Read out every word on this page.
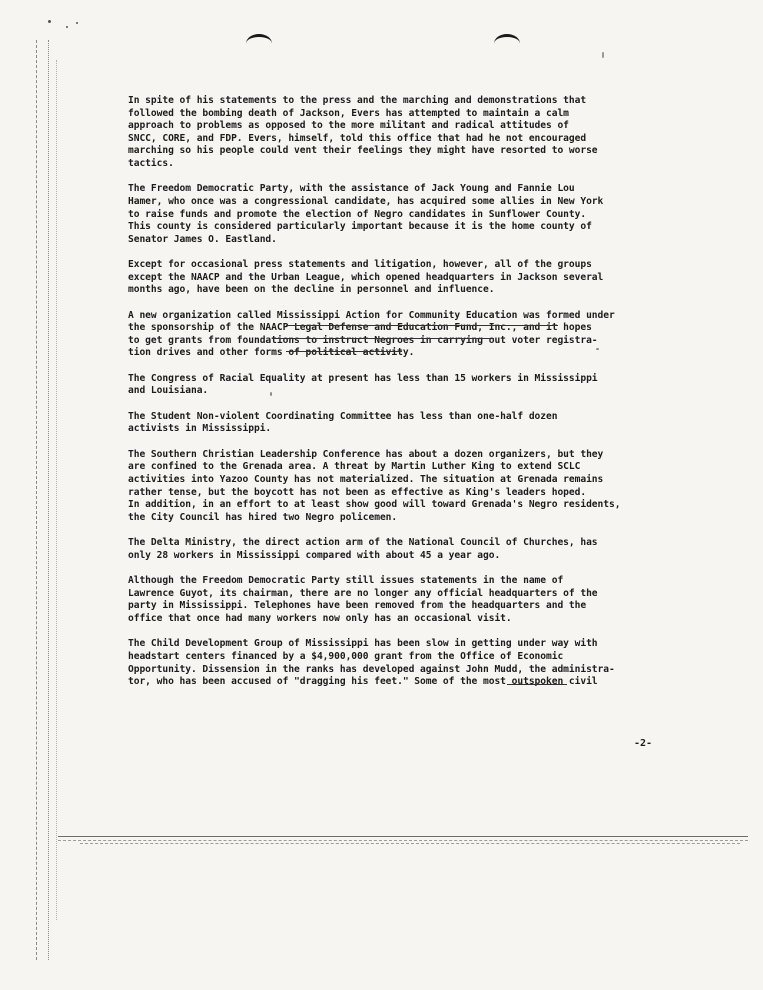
In spite of his statements to the press and the marching and demonstrations that
followed the bombing death of Jackson, Evers has attempted to maintain a calm
approach to problems as opposed to the more militant and radical attitudes of
SNCC, CORE, and FDP. Evers, himself, told this office that had he not encouraged
marching so his people could vent their feelings they might have resorted to worse
tactics.

The Freedom Democratic Party, with the assistance of Jack Young and Fannie Lou
Hamer, who once was a congressional candidate, has acquired some allies in New York
to raise funds and promote the election of Negro candidates in Sunflower County.
This county is considered particularly important because it is the home county of
Senator James O. Eastland.

Except for occasional press statements and litigation, however, all of the groups
except the NAACP and the Urban League, which opened headquarters in Jackson several
months ago, have been on the decline in personnel and influence.

A new organization called Mississippi Action for Community Education was formed under
the sponsorship of the NAACP Legal Defense and Education Fund, Inc., and it hopes
to get grants from foundations to instruct Negroes in carrying out voter registra-
tion drives and other forms of political activity.

The Congress of Racial Equality at present has less than 15 workers in Mississippi
and Louisiana.

The Student Non-violent Coordinating Committee has less than one-half dozen
activists in Mississippi.

The Southern Christian Leadership Conference has about a dozen organizers, but they
are confined to the Grenada area. A threat by Martin Luther King to extend SCLC
activities into Yazoo County has not materialized. The situation at Grenada remains
rather tense, but the boycott has not been as effective as King's leaders hoped.
In addition, in an effort to at least show good will toward Grenada's Negro residents,
the City Council has hired two Negro policemen.

The Delta Ministry, the direct action arm of the National Council of Churches, has
only 28 workers in Mississippi compared with about 45 a year ago.

Although the Freedom Democratic Party still issues statements in the name of
Lawrence Guyot, its chairman, there are no longer any official headquarters of the
party in Mississippi. Telephones have been removed from the headquarters and the
office that once had many workers now only has an occasional visit.

The Child Development Group of Mississippi has been slow in getting under way with
headstart centers financed by a $4,900,000 grant from the Office of Economic
Opportunity. Dissension in the ranks has developed against John Mudd, the administra-
tor, who has been accused of "dragging his feet." Some of the most outspoken civil

-2-
